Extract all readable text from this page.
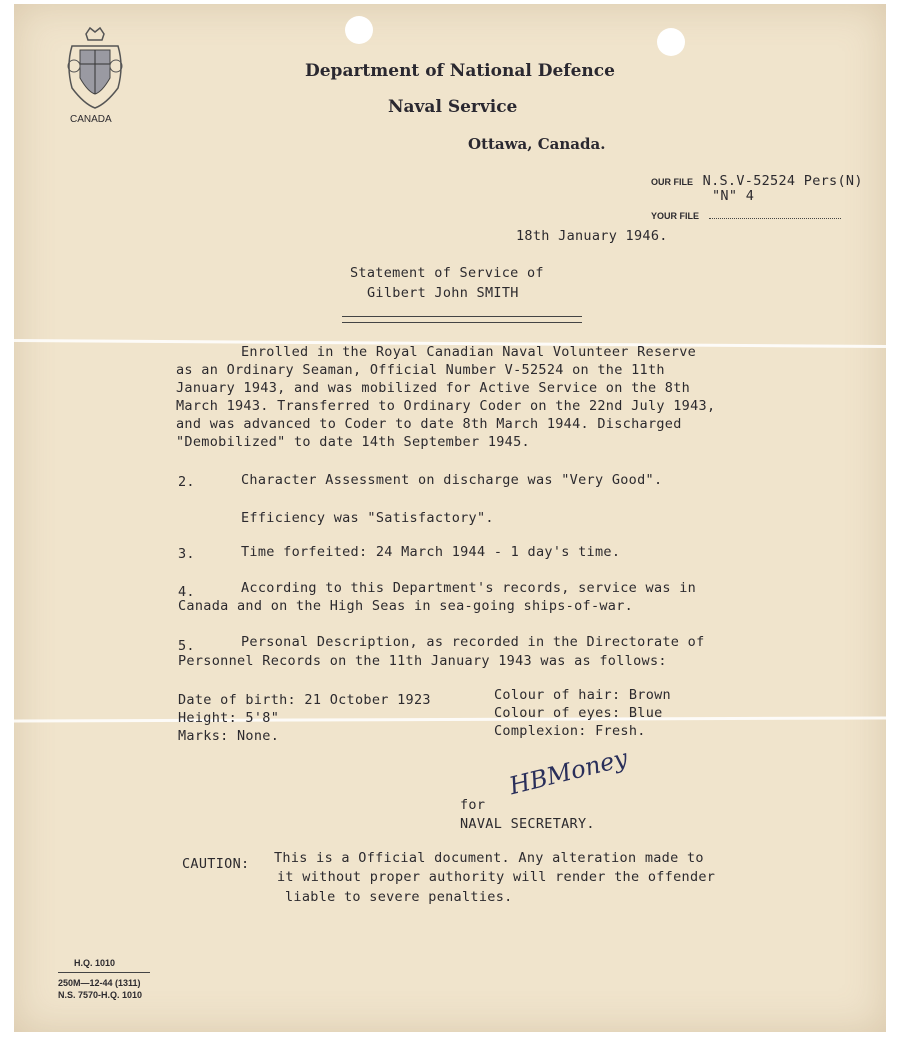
CANADA
Department of National Defence
Naval Service
Ottawa, Canada.
OUR FILE N.S.V-52524 Pers(N)
"N" 4
YOUR FILE
18th January 1946.
Statement of Service of
Gilbert John SMITH
Enrolled in the Royal Canadian Naval Volunteer Reserve
as an Ordinary Seaman, Official Number V-52524 on the 11th
January 1943, and was mobilized for Active Service on the 8th
March 1943. Transferred to Ordinary Coder on the 22nd July 1943,
and was advanced to Coder to date 8th March 1944. Discharged
"Demobilized" to date 14th September 1945.
2.	Character Assessment on discharge was "Very Good".
Efficiency was "Satisfactory".
3.	Time forfeited: 24 March 1944 - 1 day's time.
4.	According to this Department's records, service was in
Canada and on the High Seas in sea-going ships-of-war.
5.	Personal Description, as recorded in the Directorate of
Personnel Records on the 11th January 1943 was as follows:
Date of birth: 21 October 1923
Height: 5'8"
Marks: None.
Colour of hair: Brown
Colour of eyes: Blue
Complexion: Fresh.
HBMoney
for
NAVAL SECRETARY.
CAUTION: This is a Official document. Any alteration made to
it without proper authority will render the offender
liable to severe penalties.
H.Q. 1010
250M—12-44 (1311)
N.S. 7570-H.Q. 1010
